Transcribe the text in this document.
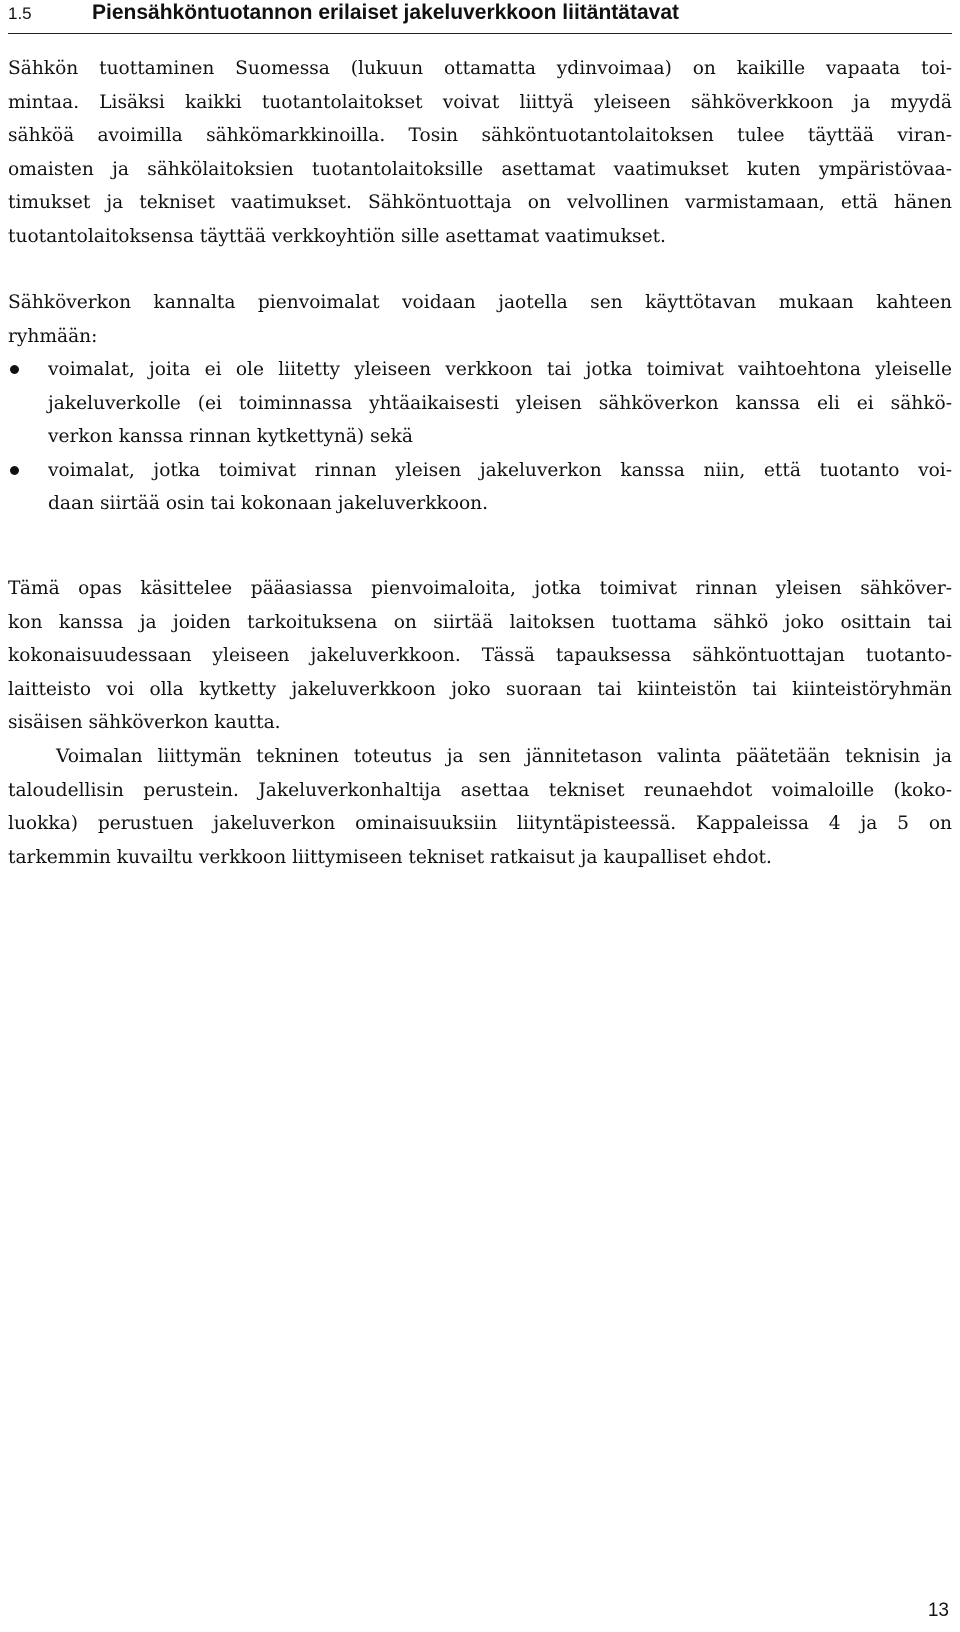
1.5	Piensähköntuotannon erilaiset jakeluverkkoon liitäntätavat
Sähkön tuottaminen Suomessa (lukuun ottamatta ydinvoimaa) on kaikille vapaata toi-
mintaa. Lisäksi kaikki tuotantolaitokset voivat liittyä yleiseen sähköverkkoon ja myydä
sähköä avoimilla sähkömarkkinoilla. Tosin sähköntuotantolaitoksen tulee täyttää viran-
omaisten ja sähkölaitoksien tuotantolaitoksille asettamat vaatimukset kuten ympäristövaa-
timukset ja tekniset vaatimukset. Sähköntuottaja on velvollinen varmistamaan, että hänen
tuotantolaitoksensa täyttää verkkoyhtiön sille asettamat vaatimukset.
Sähköverkon kannalta pienvoimalat voidaan jaotella sen käyttötavan mukaan kahteen
ryhmään:
voimalat, joita ei ole liitetty yleiseen verkkoon tai jotka toimivat vaihtoehtona yleiselle
jakeluverkolle (ei toiminnassa yhtäaikaisesti yleisen sähköverkon kanssa eli ei sähkö-
verkon kanssa rinnan kytkettynä) sekä
voimalat, jotka toimivat rinnan yleisen jakeluverkon kanssa niin, että tuotanto voi-
daan siirtää osin tai kokonaan jakeluverkkoon.
Tämä opas käsittelee pääasiassa pienvoimaloita, jotka toimivat rinnan yleisen sähköver-
kon kanssa ja joiden tarkoituksena on siirtää laitoksen tuottama sähkö joko osittain tai
kokonaisuudessaan yleiseen jakeluverkkoon. Tässä tapauksessa sähköntuottajan tuotanto-
laitteisto voi olla kytketty jakeluverkkoon joko suoraan tai kiinteistön tai kiinteistöryhmän
sisäisen sähköverkon kautta.
Voimalan liittymän tekninen toteutus ja sen jännitetason valinta päätetään teknisin ja
taloudellisin perustein. Jakeluverkonhaltija asettaa tekniset reunaehdot voimaloille (koko-
luokka) perustuen jakeluverkon ominaisuuksiin liityntäpisteessä. Kappaleissa 4 ja 5 on
tarkemmin kuvailtu verkkoon liittymiseen tekniset ratkaisut ja kaupalliset ehdot.
13
